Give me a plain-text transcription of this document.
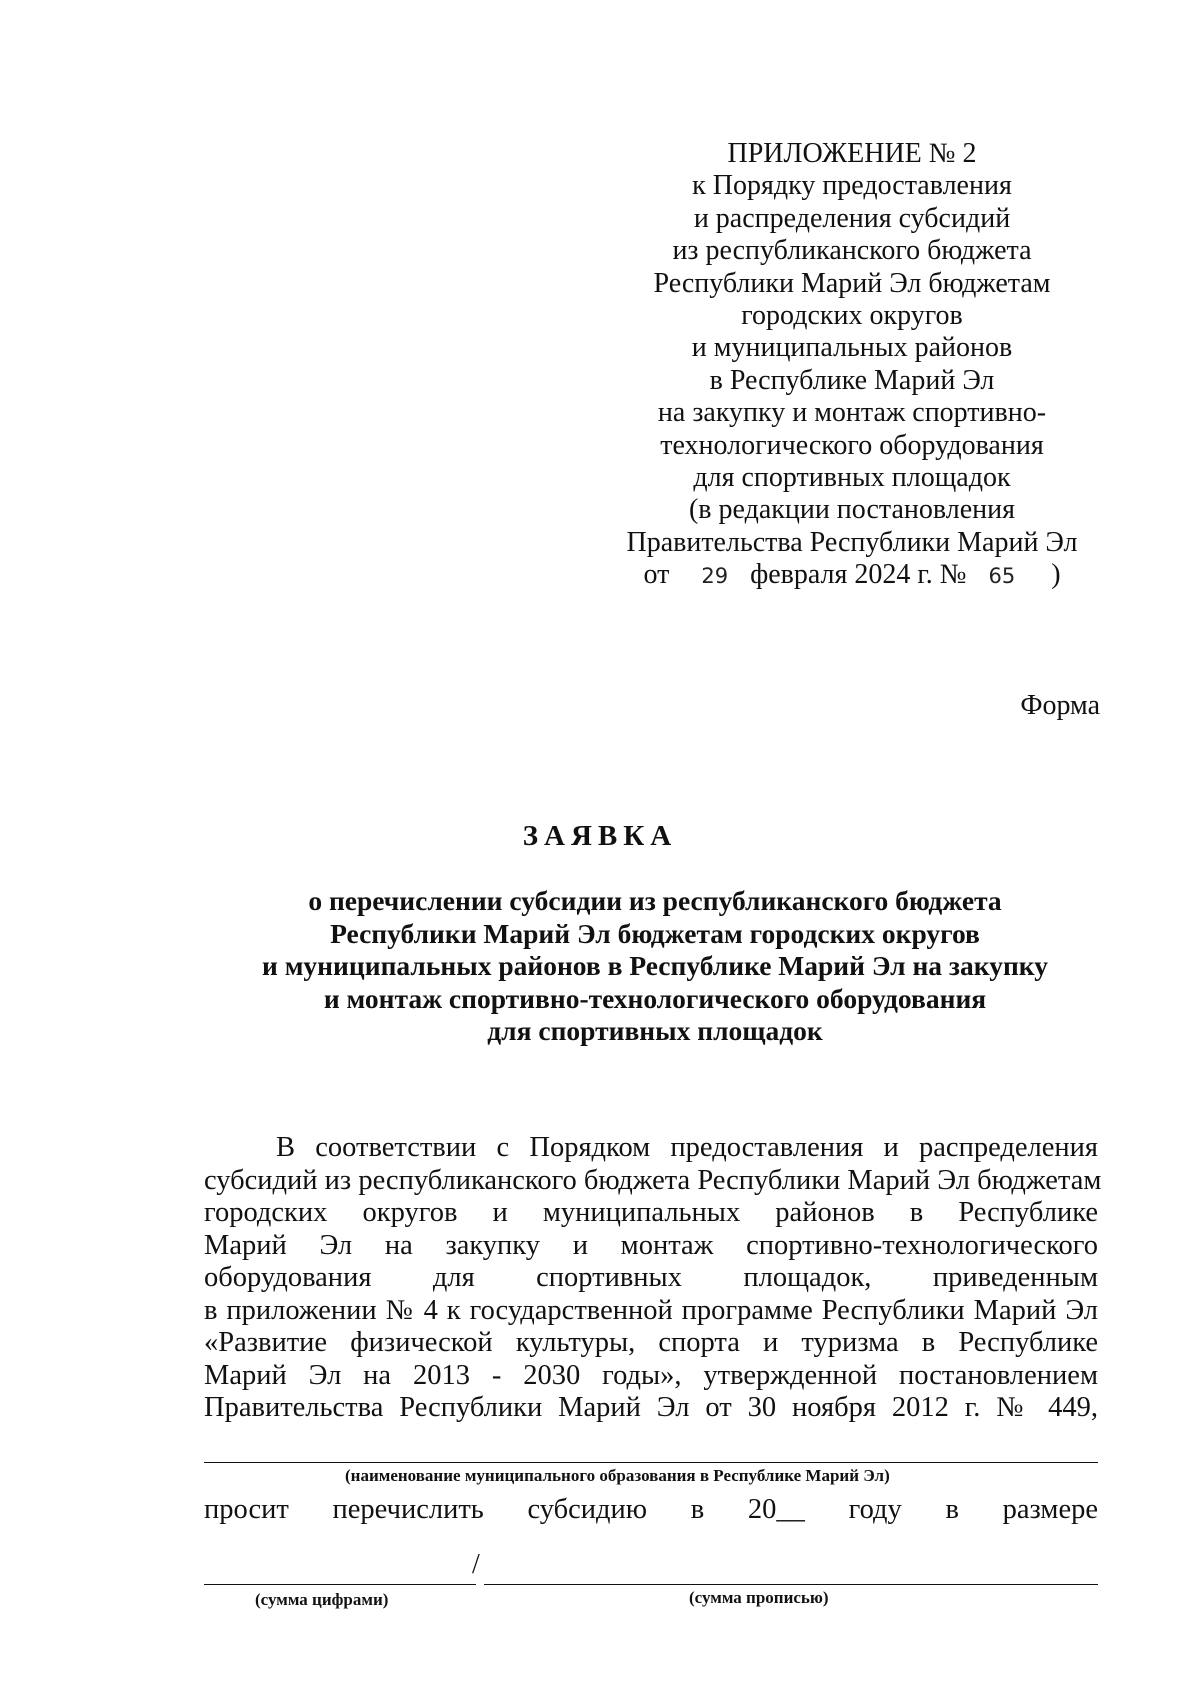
ПРИЛОЖЕНИЕ № 2
к Порядку предоставления
и распределения субсидий
из республиканского бюджета
Республики Марий Эл бюджетам
городских округов
и муниципальных районов
в Республике Марий Эл
на закупку и монтаж спортивно-
технологического оборудования
для спортивных площадок
(в редакции постановления
Правительства Республики Марий Эл
от 29 февраля 2024 г. № 65 )
Форма
ЗАЯВКА
о перечислении субсидии из республиканского бюджета
Республики Марий Эл бюджетам городских округов
и муниципальных районов в Республике Марий Эл на закупку
и монтаж спортивно-технологического оборудования
для спортивных площадок
В соответствии с Порядком предоставления и распределения
субсидий из республиканского бюджета Республики Марий Эл бюджетам
городских округов и муниципальных районов в Республике
Марий Эл на закупку и монтаж спортивно-технологического
оборудования для спортивных площадок, приведенным
в приложении № 4 к государственной программе Республики Марий Эл
«Развитие физической культуры, спорта и туризма в Республике
Марий Эл на 2013 - 2030 годы», утвержденной постановлением
Правительства Республики Марий Эл от 30 ноября 2012 г. № 449,
(наименование муниципального образования в Республике Марий Эл)
просит перечислить субсидию в 20__ году в размере
/
(сумма цифрами)	(сумма прописью)
